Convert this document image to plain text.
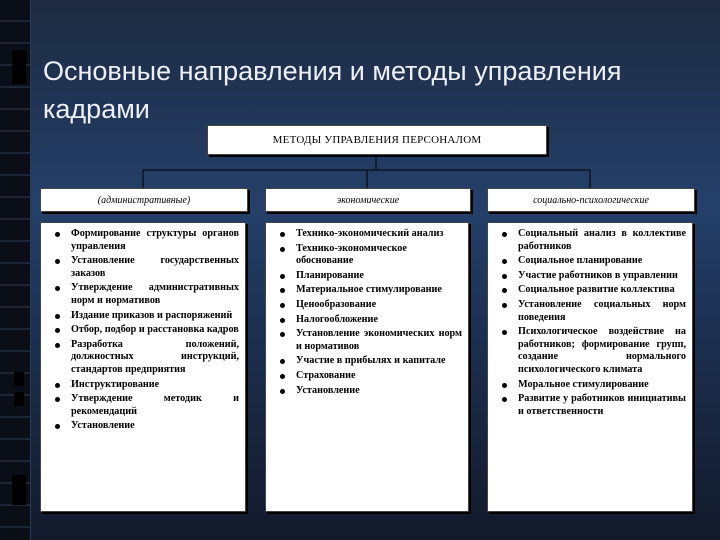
Основные направления и методы управления кадрами
МЕТОДЫ УПРАВЛЕНИЯ ПЕРСОНАЛОМ
(административные)	экономические	социально-психологические
Формирование структуры органов управления
Установление государственных заказов
Утверждение административных норм и нормативов
Издание приказов и распоряжений
Отбор, подбор и расстановка кадров
Разработка положений, должностных инструкций, стандартов предприятия
Инструктирование
Утверждение методик и рекомендаций
Установление
Технико-экономический анализ
Технико-экономическое обоснование
Планирование
Материальное стимулирование
Ценообразование
Налогообложение
Установление экономических норм и нормативов
Участие в прибылях и капитале
Страхование
Установление
Социальный анализ в коллективе работников
Социальное планирование
Участие работников в управлении
Социальное развитие коллектива
Установление социальных норм поведения
Психологическое воздействие на работников; формирование групп, создание нормального психологического климата
Моральное стимулирование
Развитие у работников инициативы и ответственности
